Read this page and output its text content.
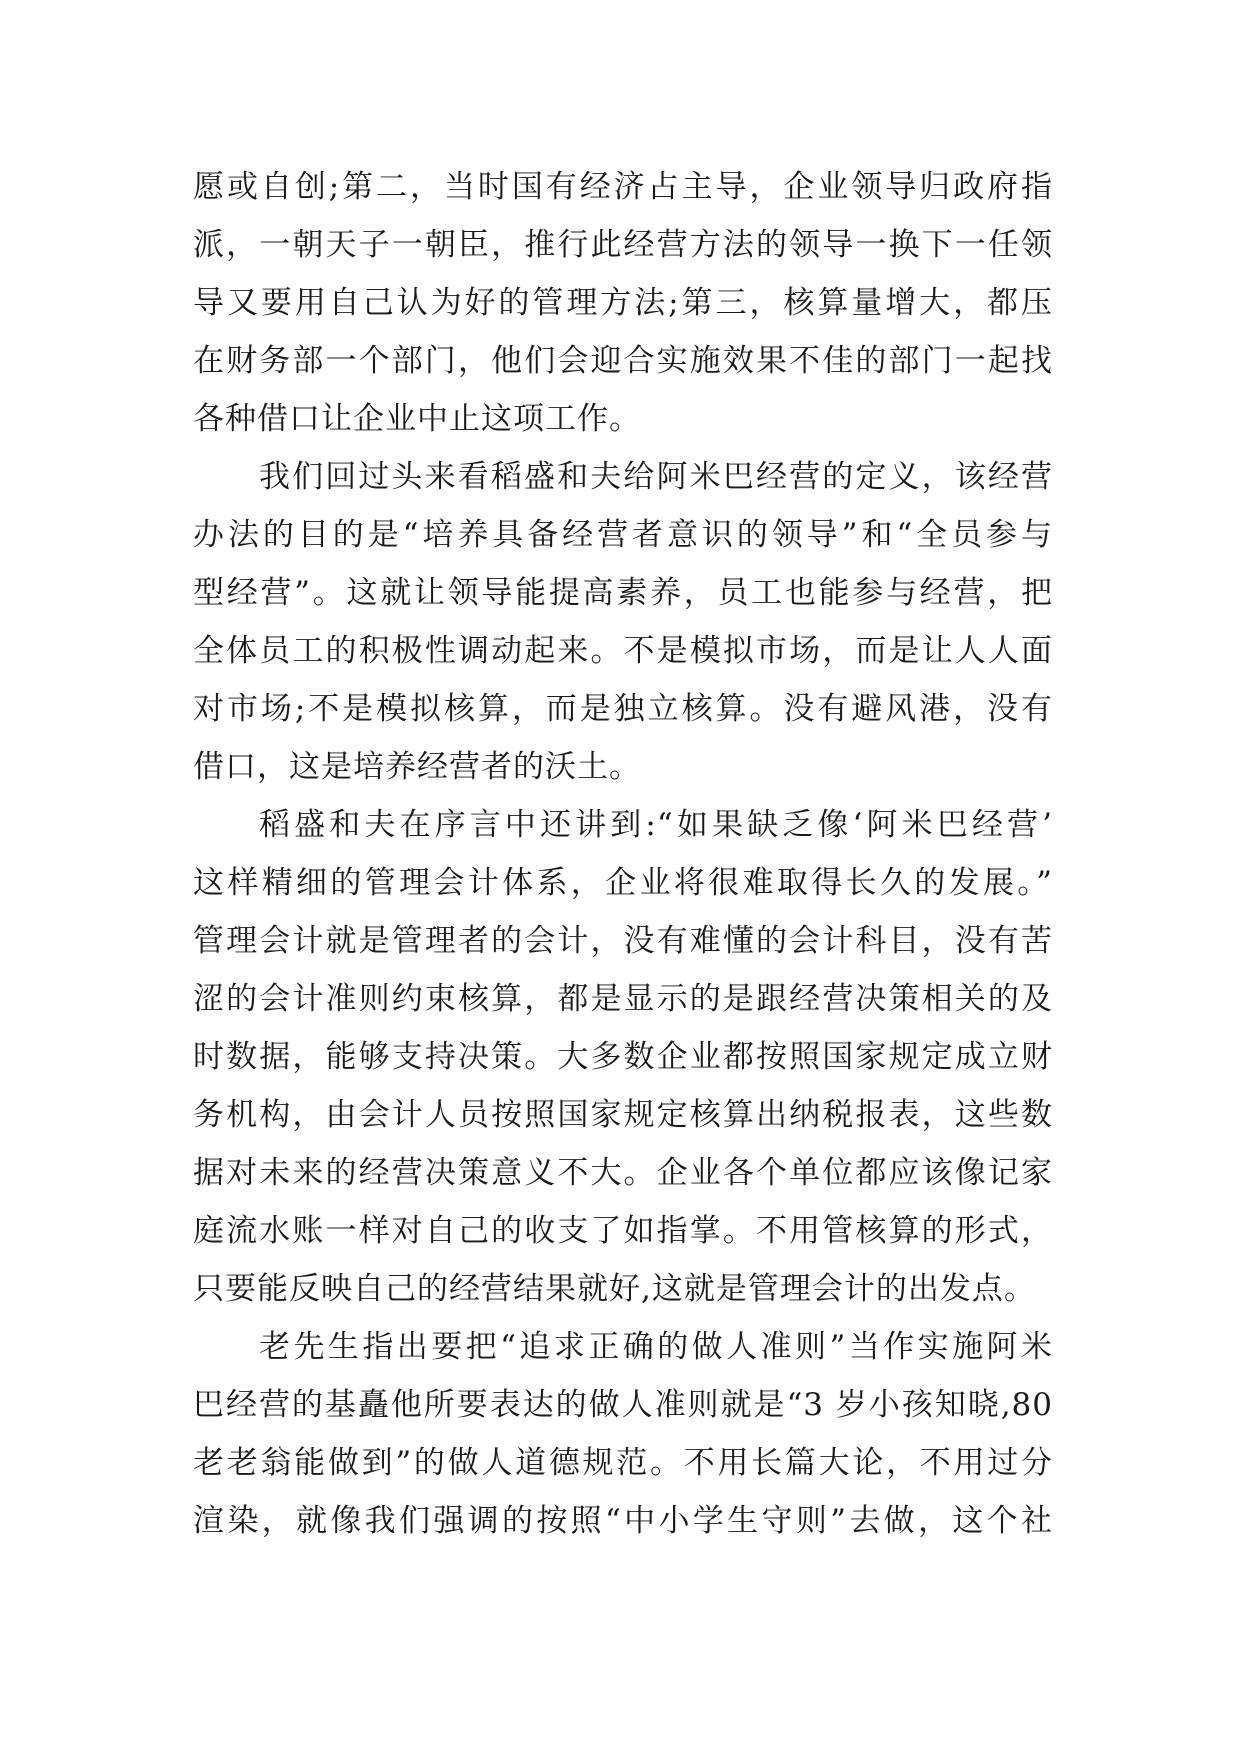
愿或自创;第二，当时国有经济占主导，企业领导归政府指
派，一朝天子一朝臣，推行此经营方法的领导一换下一任领
导又要用自己认为好的管理方法;第三，核算量增大，都压
在财务部一个部门，他们会迎合实施效果不佳的部门一起找
各种借口让企业中止这项工作。
我们回过头来看稻盛和夫给阿米巴经营的定义，该经营
办法的目的是“培养具备经营者意识的领导”和“全员参与
型经营”。这就让领导能提高素养，员工也能参与经营，把
全体员工的积极性调动起来。不是模拟市场，而是让人人面
对市场;不是模拟核算，而是独立核算。没有避风港，没有
借口，这是培养经营者的沃土。
稻盛和夫在序言中还讲到:“如果缺乏像‘阿米巴经营’
这样精细的管理会计体系，企业将很难取得长久的发展。”
管理会计就是管理者的会计，没有难懂的会计科目，没有苦
涩的会计准则约束核算，都是显示的是跟经营决策相关的及
时数据，能够支持决策。大多数企业都按照国家规定成立财
务机构，由会计人员按照国家规定核算出纳税报表，这些数
据对未来的经营决策意义不大。企业各个单位都应该像记家
庭流水账一样对自己的收支了如指掌。不用管核算的形式，
只要能反映自己的经营结果就好,这就是管理会计的出发点。
老先生指出要把“追求正确的做人准则”当作实施阿米
巴经营的基矗他所要表达的做人准则就是“3 岁小孩知晓,80
老老翁能做到”的做人道德规范。不用长篇大论，不用过分
渲染，就像我们强调的按照“中小学生守则”去做，这个社
